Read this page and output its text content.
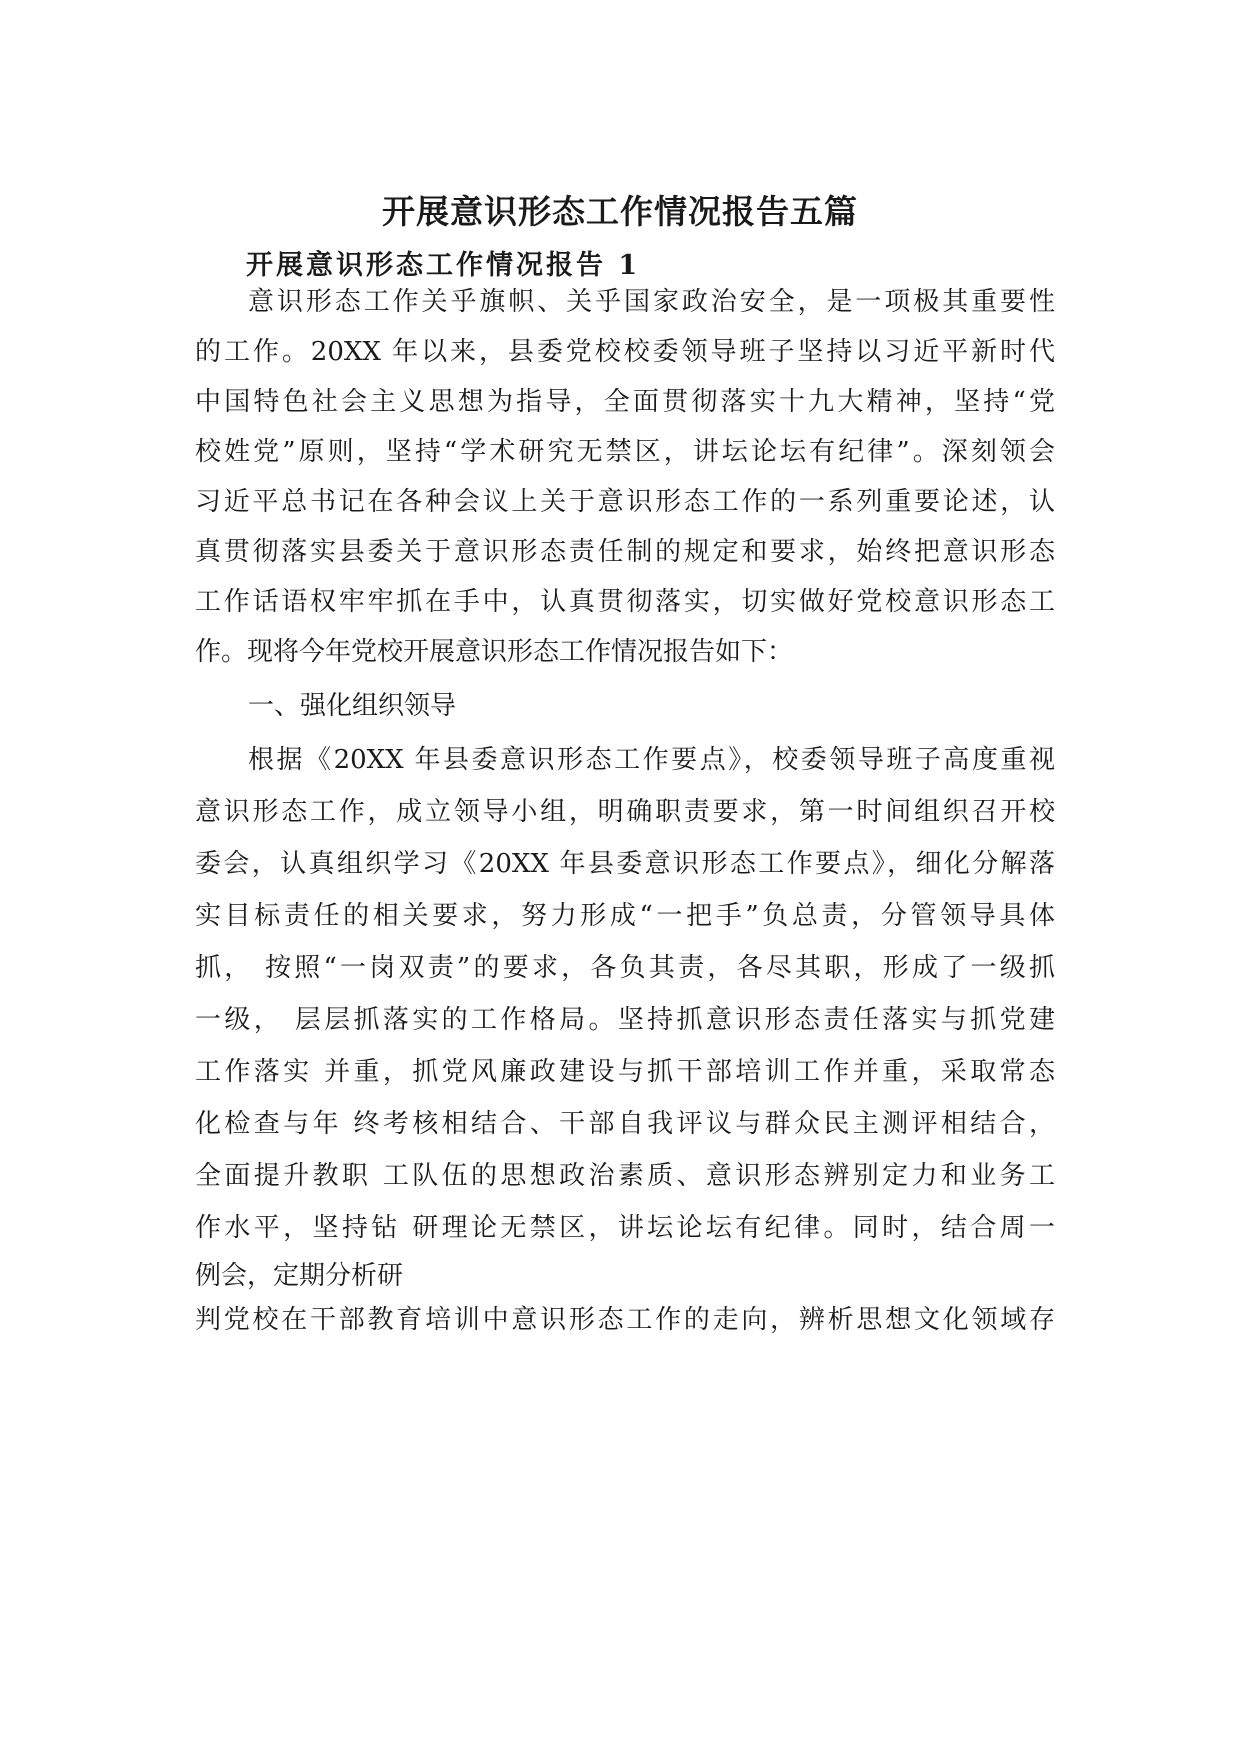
开展意识形态工作情况报告五篇
开展意识形态工作情况报告 1
意识形态工作关乎旗帜、关乎国家政治安全，是一项极其重要性
的工作。20XX 年以来，县委党校校委领导班子坚持以习近平新时代
中国特色社会主义思想为指导，全面贯彻落实十九大精神，坚持“党
校姓党”原则，坚持“学术研究无禁区，讲坛论坛有纪律”。深刻领会
习近平总书记在各种会议上关于意识形态工作的一系列重要论述，认
真贯彻落实县委关于意识形态责任制的规定和要求，始终把意识形态
工作话语权牢牢抓在手中，认真贯彻落实，切实做好党校意识形态工
作。现将今年党校开展意识形态工作情况报告如下：
一、强化组织领导
根据《20XX 年县委意识形态工作要点》，校委领导班子高度重视
意识形态工作，成立领导小组，明确职责要求，第一时间组织召开校
委会，认真组织学习《20XX 年县委意识形态工作要点》，细化分解落
实目标责任的相关要求，努力形成“一把手”负总责，分管领导具体
抓， 按照“一岗双责”的要求，各负其责，各尽其职，形成了一级抓
一级， 层层抓落实的工作格局。坚持抓意识形态责任落实与抓党建
工作落实 并重，抓党风廉政建设与抓干部培训工作并重，采取常态
化检查与年 终考核相结合、干部自我评议与群众民主测评相结合，
全面提升教职 工队伍的思想政治素质、意识形态辨别定力和业务工
作水平，坚持钻 研理论无禁区，讲坛论坛有纪律。同时，结合周一
例会，定期分析研
判党校在干部教育培训中意识形态工作的走向，辨析思想文化领域存
